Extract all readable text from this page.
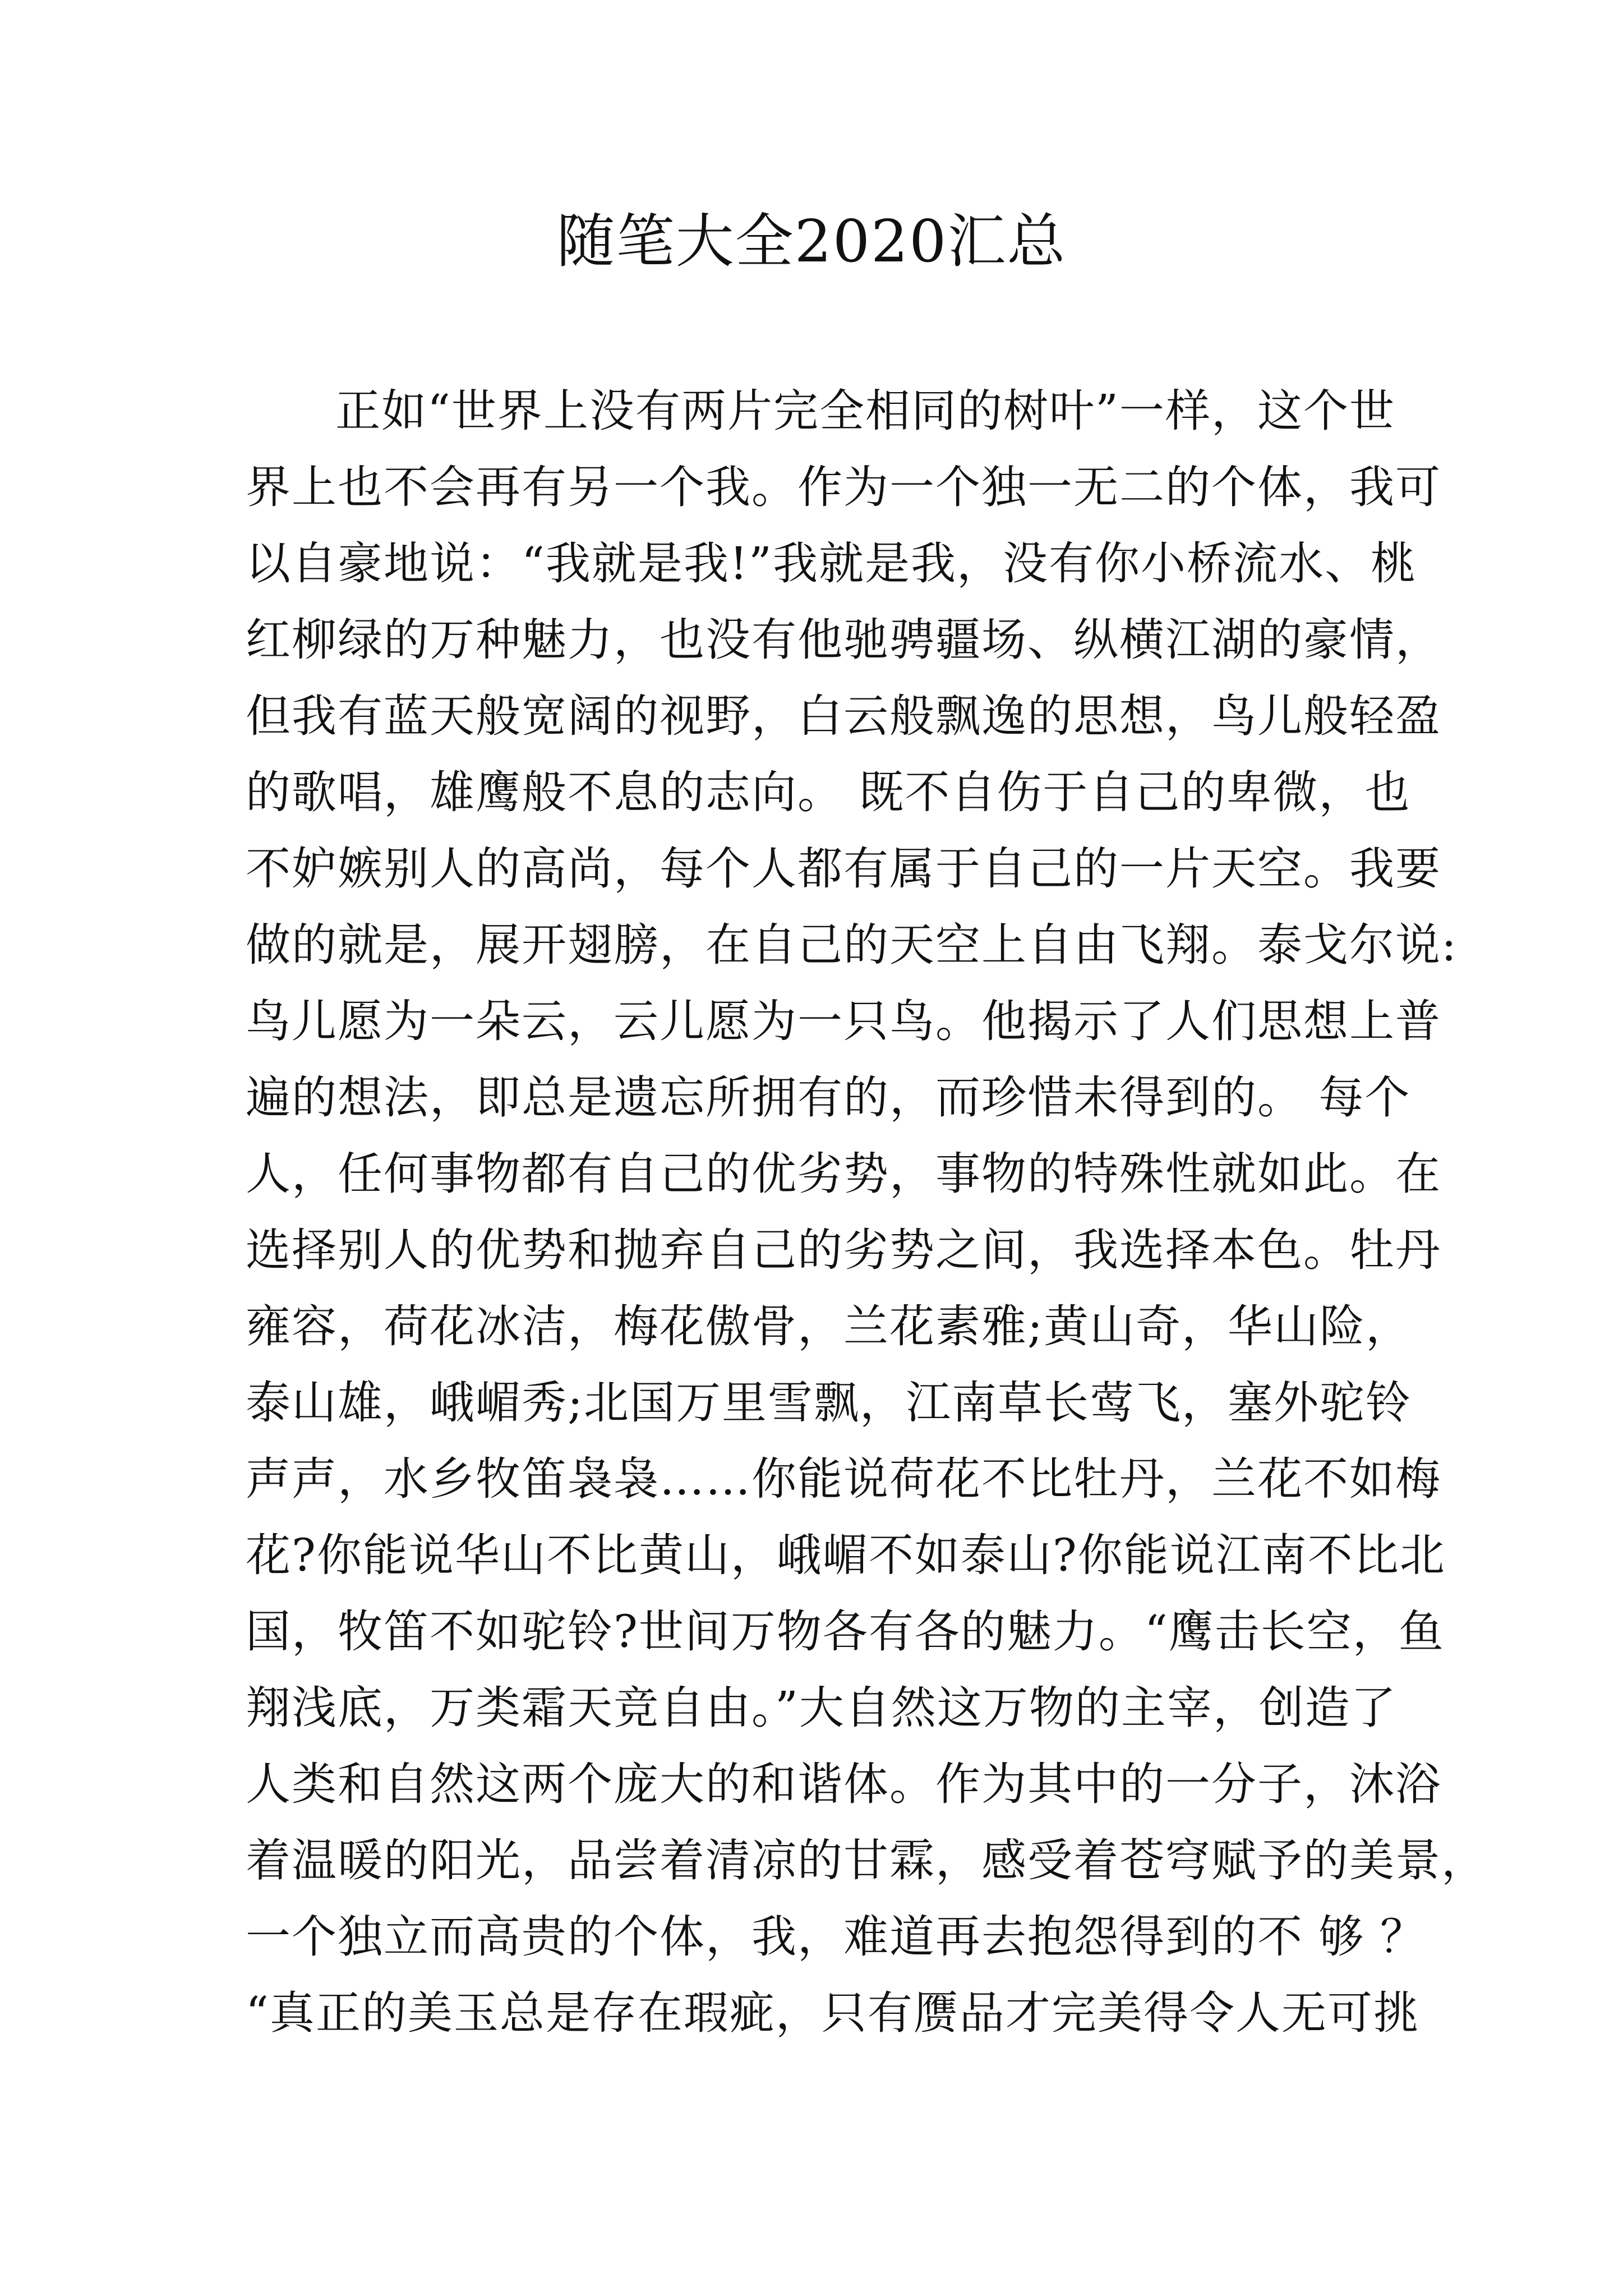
随笔大全2020汇总
正如“世界上没有两片完全相同的树叶”一样，这个世
界上也不会再有另一个我。作为一个独一无二的个体，我可
以自豪地说：“我就是我!”我就是我，没有你小桥流水、桃
红柳绿的万种魅力，也没有他驰骋疆场、纵横江湖的豪情，
但我有蓝天般宽阔的视野，白云般飘逸的思想，鸟儿般轻盈
的歌唱，雄鹰般不息的志向。 既不自伤于自己的卑微，也
不妒嫉别人的高尚，每个人都有属于自己的一片天空。我要
做的就是，展开翅膀，在自己的天空上自由飞翔。泰戈尔说:
鸟儿愿为一朵云，云儿愿为一只鸟。他揭示了人们思想上普
遍的想法，即总是遗忘所拥有的，而珍惜未得到的。 每个
人，任何事物都有自己的优劣势，事物的特殊性就如此。在
选择别人的优势和抛弃自己的劣势之间，我选择本色。牡丹
雍容，荷花冰洁，梅花傲骨，兰花素雅;黄山奇，华山险，
泰山雄，峨嵋秀;北国万里雪飘，江南草长莺飞，塞外驼铃
声声，水乡牧笛袅袅……你能说荷花不比牡丹，兰花不如梅
花?你能说华山不比黄山，峨嵋不如泰山?你能说江南不比北
国，牧笛不如驼铃?世间万物各有各的魅力。“鹰击长空，鱼
翔浅底，万类霜天竞自由。”大自然这万物的主宰，创造了
人类和自然这两个庞大的和谐体。作为其中的一分子，沐浴
着温暖的阳光，品尝着清凉的甘霖，感受着苍穹赋予的美景，
一个独立而高贵的个体，我，难道再去抱怨得到的不 够 ？
“真正的美玉总是存在瑕疵，只有赝品才完美得令人无可挑
